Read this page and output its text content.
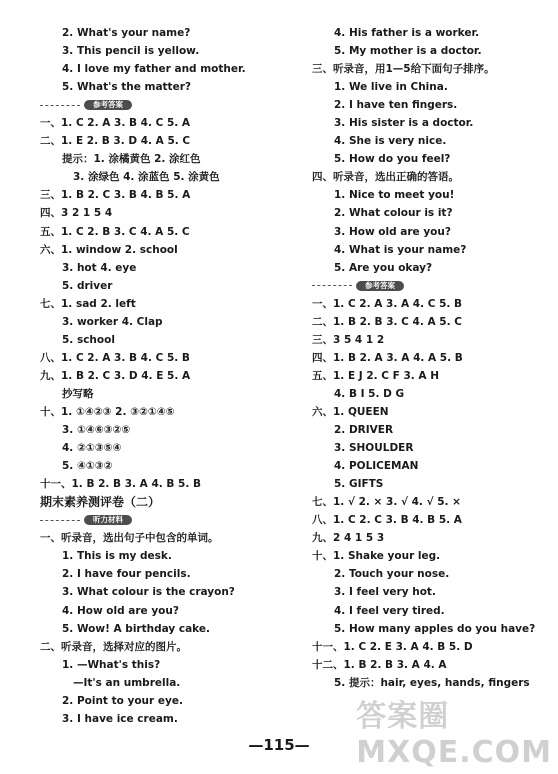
2. What's your name?
3. This pencil is yellow.
4. I love my father and mother.
5. What's the matter?
参考答案
一、1. C 2. A 3. B 4. C 5. A
二、1. E 2. B 3. D 4. A 5. C
提示：1. 涂橘黄色 2. 涂红色
3. 涂绿色 4. 涂蓝色 5. 涂黄色
三、1. B 2. C 3. B 4. B 5. A
四、3 2 1 5 4
五、1. C 2. B 3. C 4. A 5. C
六、1. window 2. school
3. hot 4. eye
5. driver
七、1. sad 2. left
3. worker 4. Clap
5. school
八、1. C 2. A 3. B 4. C 5. B
九、1. B 2. C 3. D 4. E 5. A
抄写略
十、1. ①④②③ 2. ③②①④⑤
3. ①④⑥③②⑤
4. ②①③⑤④
5. ④①③②
十一、1. B 2. B 3. A 4. B 5. B
期末素养测评卷（二）
听力材料
一、听录音，选出句子中包含的单词。
1. This is my desk.
2. I have four pencils.
3. What colour is the crayon?
4. How old are you?
5. Wow! A birthday cake.
二、听录音，选择对应的图片。
1. —What's this?
—It's an umbrella.
2. Point to your eye.
3. I have ice cream.
4. His father is a worker.
5. My mother is a doctor.
三、听录音，用1—5给下面句子排序。
1. We live in China.
2. I have ten fingers.
3. His sister is a doctor.
4. She is very nice.
5. How do you feel?
四、听录音，选出正确的答语。
1. Nice to meet you!
2. What colour is it?
3. How old are you?
4. What is your name?
5. Are you okay?
参考答案
一、1. C 2. A 3. A 4. C 5. B
二、1. B 2. B 3. C 4. A 5. C
三、3 5 4 1 2
四、1. B 2. A 3. A 4. A 5. B
五、1. E J 2. C F 3. A H
4. B I 5. D G
六、1. QUEEN
2. DRIVER
3. SHOULDER
4. POLICEMAN
5. GIFTS
七、1. √ 2. × 3. √ 4. √ 5. ×
八、1. C 2. C 3. B 4. B 5. A
九、2 4 1 5 3
十、1. Shake your leg.
2. Touch your nose.
3. I feel very hot.
4. I feel very tired.
5. How many apples do you have?
十一、1. C 2. E 3. A 4. B 5. D
十二、1. B 2. B 3. A 4. A
5. 提示：hair, eyes, hands, fingers
—115—
答案圈
MXQE.COM
